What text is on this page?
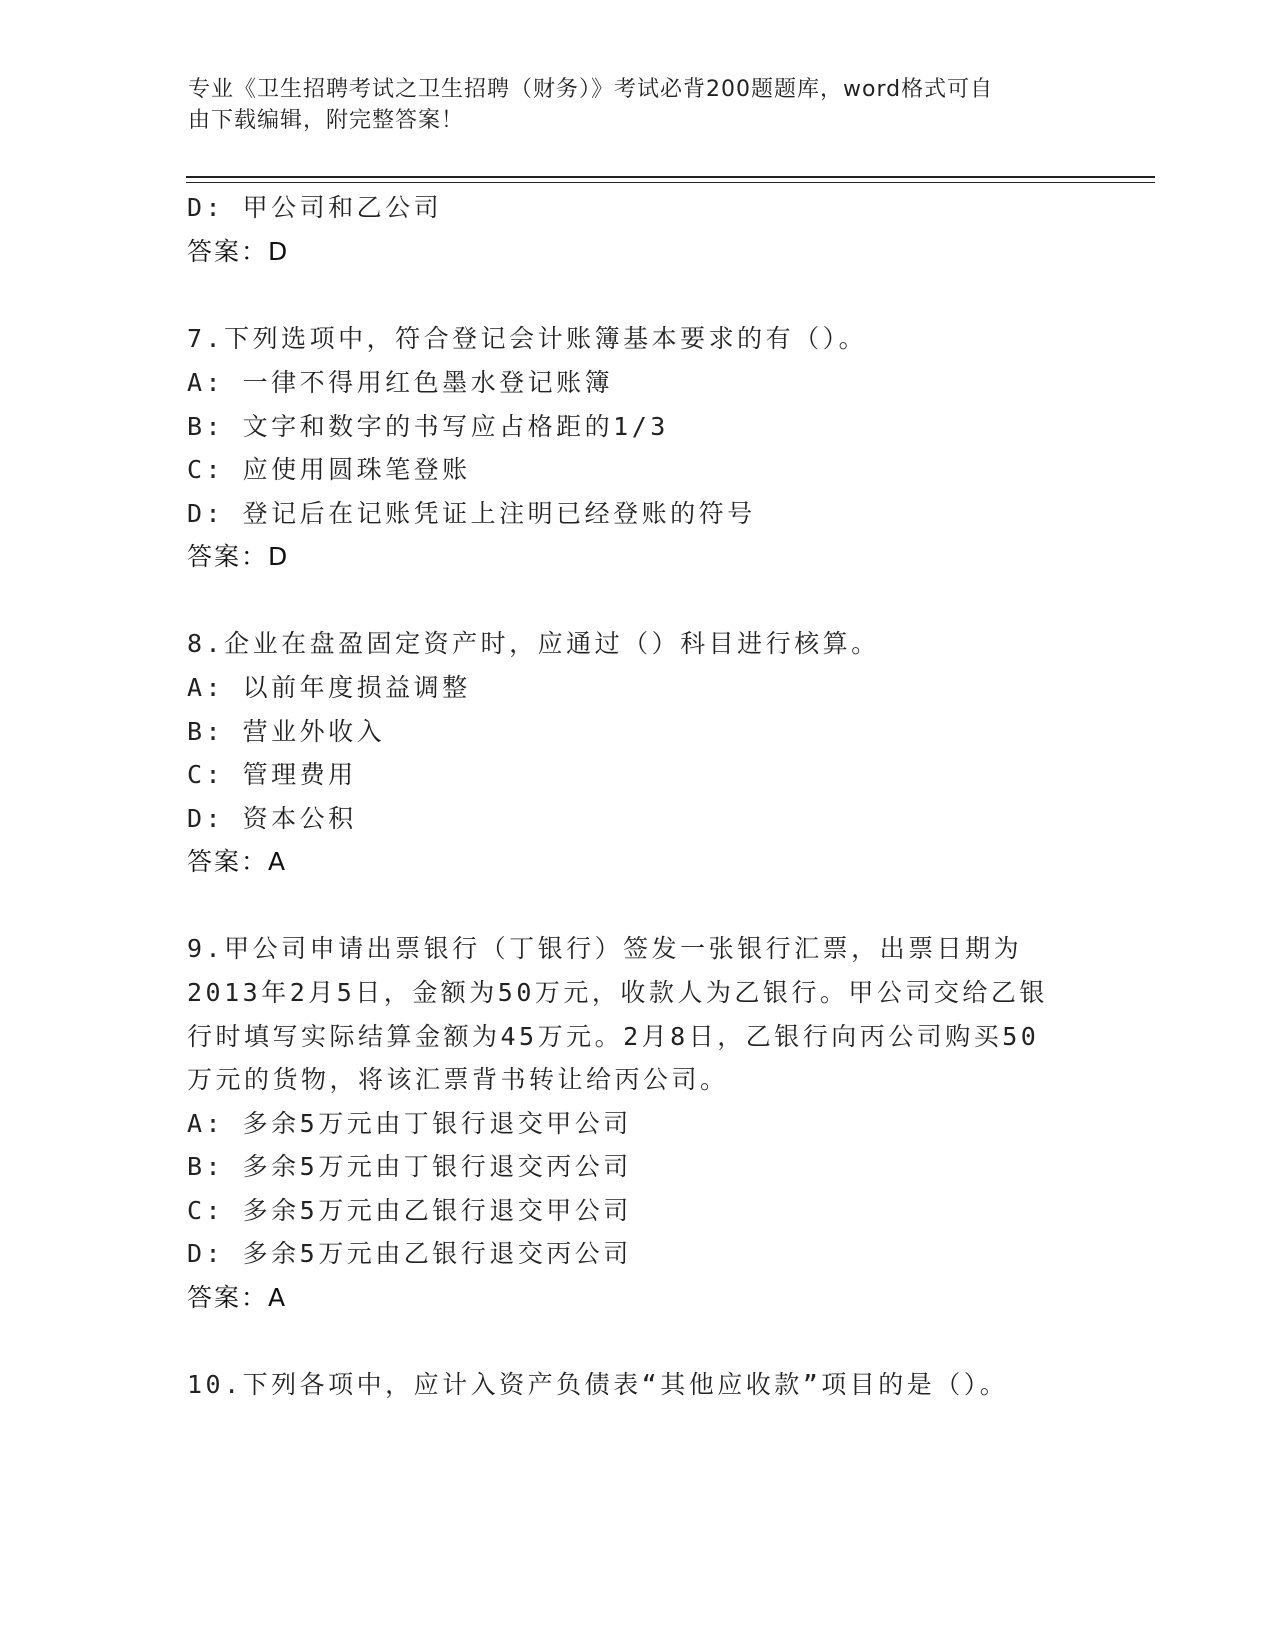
专业《卫生招聘考试之卫生招聘（财务）》考试必背200题题库，word格式可自
由下载编辑，附完整答案！
D: 甲公司和乙公司
答案：D
7.下列选项中，符合登记会计账簿基本要求的有（）。
A: 一律不得用红色墨水登记账簿
B: 文字和数字的书写应占格距的1/3
C: 应使用圆珠笔登账
D: 登记后在记账凭证上注明已经登账的符号
答案：D
8.企业在盘盈固定资产时，应通过（）科目进行核算。
A: 以前年度损益调整
B: 营业外收入
C: 管理费用
D: 资本公积
答案：A
9.甲公司申请出票银行（丁银行）签发一张银行汇票，出票日期为
2013年2月5日，金额为50万元，收款人为乙银行。甲公司交给乙银
行时填写实际结算金额为45万元。2月8日，乙银行向丙公司购买50
万元的货物，将该汇票背书转让给丙公司。
A: 多余5万元由丁银行退交甲公司
B: 多余5万元由丁银行退交丙公司
C: 多余5万元由乙银行退交甲公司
D: 多余5万元由乙银行退交丙公司
答案：A
10.下列各项中，应计入资产负债表“其他应收款”项目的是（）。
